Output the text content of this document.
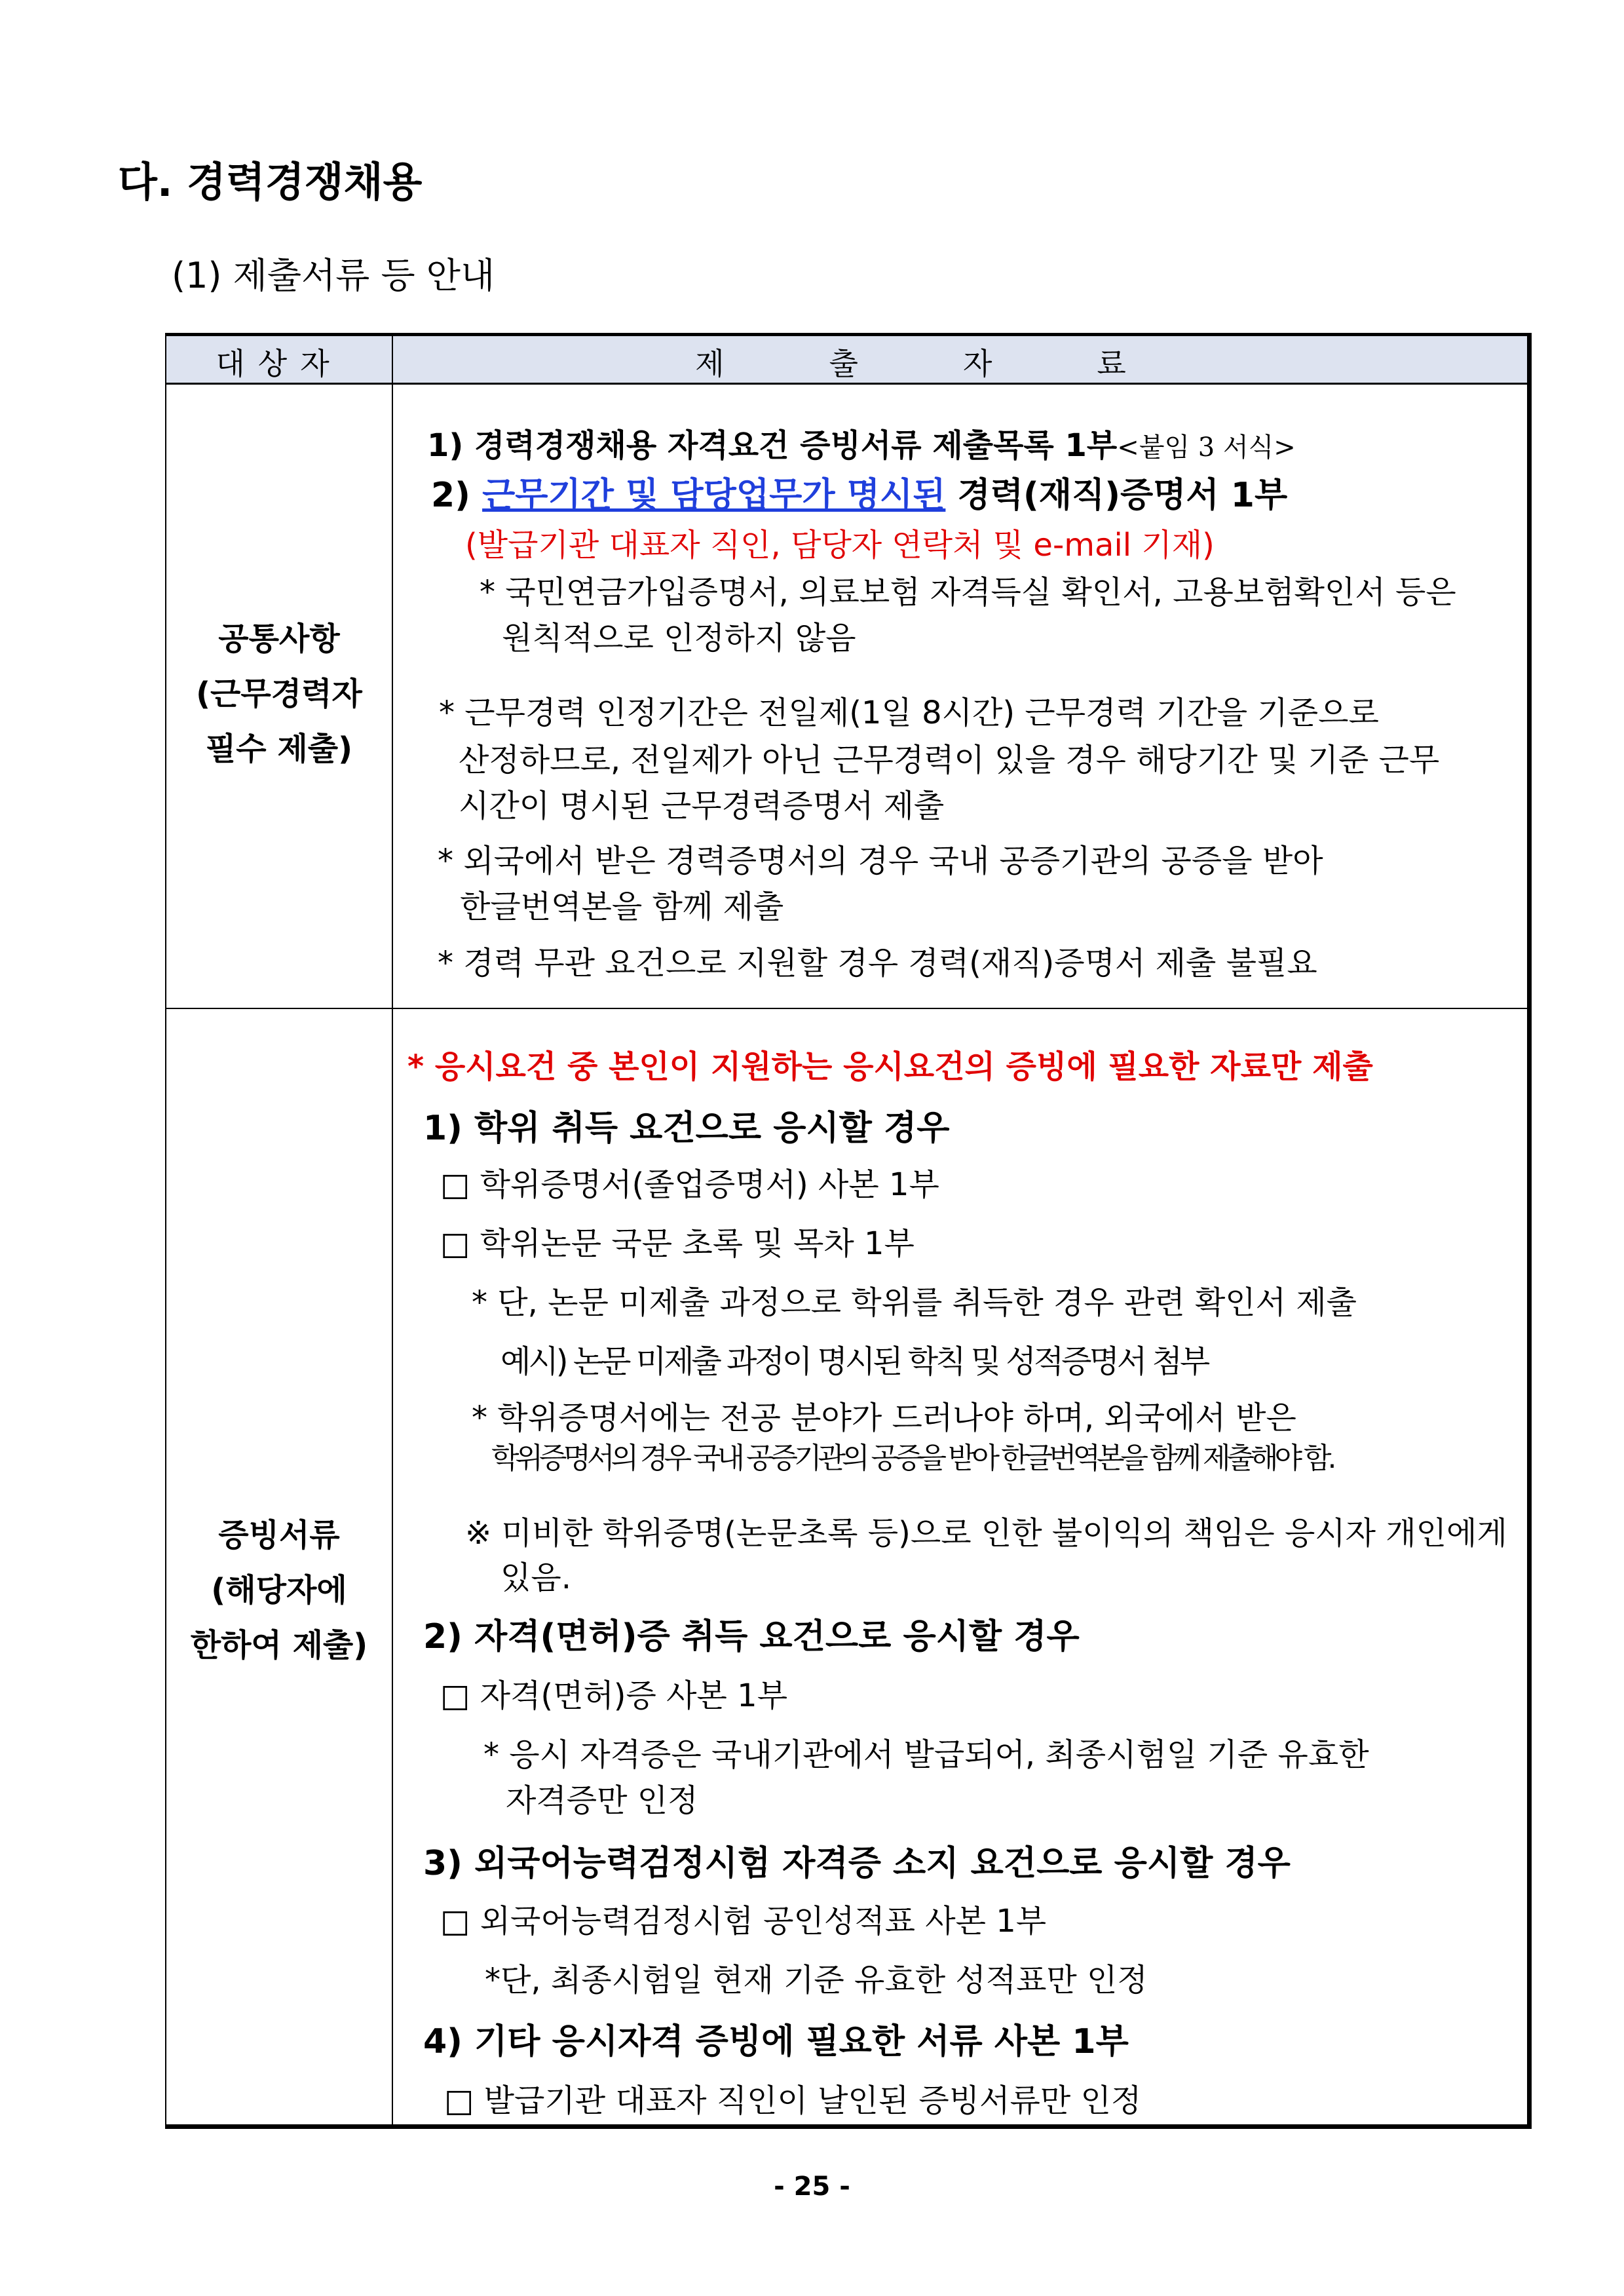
다. 경력경쟁채용
(1) 제출서류 등 안내
대상자	제출자료
공통사항
(근무경력자
필수 제출)
1) 경력경쟁채용 자격요건 증빙서류 제출목록 1부<붙임 3 서식>
2) 근무기간 및 담당업무가 명시된 경력(재직)증명서 1부
(발급기관 대표자 직인, 담당자 연락처 및 e-mail 기재)
* 국민연금가입증명서, 의료보험 자격득실 확인서, 고용보험확인서 등은
원칙적으로 인정하지 않음
* 근무경력 인정기간은 전일제(1일 8시간) 근무경력 기간을 기준으로
산정하므로, 전일제가 아닌 근무경력이 있을 경우 해당기간 및 기준 근무
시간이 명시된 근무경력증명서 제출
* 외국에서 받은 경력증명서의 경우 국내 공증기관의 공증을 받아
한글번역본을 함께 제출
* 경력 무관 요건으로 지원할 경우 경력(재직)증명서 제출 불필요
증빙서류
(해당자에
한하여 제출)
* 응시요건 중 본인이 지원하는 응시요건의 증빙에 필요한 자료만 제출
1) 학위 취득 요건으로 응시할 경우
□ 학위증명서(졸업증명서) 사본 1부
□ 학위논문 국문 초록 및 목차 1부
* 단, 논문 미제출 과정으로 학위를 취득한 경우 관련 확인서 제출
예시) 논문 미제출 과정이 명시된 학칙 및 성적증명서 첨부
* 학위증명서에는 전공 분야가 드러나야 하며, 외국에서 받은
학위증명서의 경우 국내 공증기관의 공증을 받아 한글번역본을 함께 제출해야 함.
※ 미비한 학위증명(논문초록 등)으로 인한 불이익의 책임은 응시자 개인에게
있음.
2) 자격(면허)증 취득 요건으로 응시할 경우
□ 자격(면허)증 사본 1부
* 응시 자격증은 국내기관에서 발급되어, 최종시험일 기준 유효한
자격증만 인정
3) 외국어능력검정시험 자격증 소지 요건으로 응시할 경우
□ 외국어능력검정시험 공인성적표 사본 1부
*단, 최종시험일 현재 기준 유효한 성적표만 인정
4) 기타 응시자격 증빙에 필요한 서류 사본 1부
□ 발급기관 대표자 직인이 날인된 증빙서류만 인정
- 25 -
